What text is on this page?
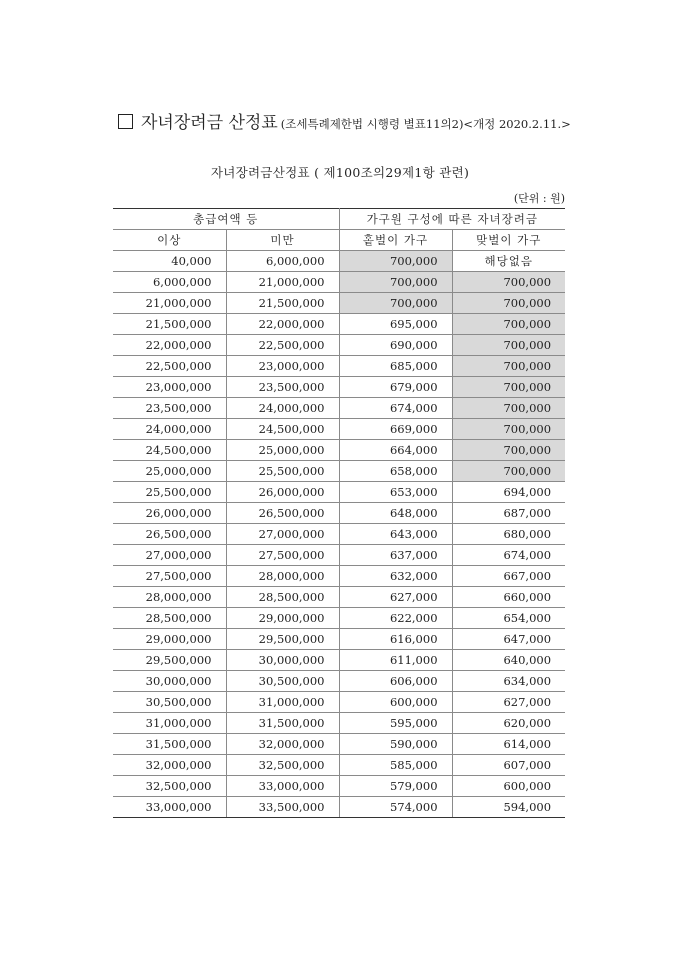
자녀장려금 산정표 (조세특례제한법 시행령 별표11의2)<개정 2020.2.11.>
자녀장려금산정표 ( 제100조의29제1항 관련)
(단위 : 원)
총급여액 등		가구원 구성에 따른 자녀장려금	
이상	미만	홑벌이 가구	맞벌이 가구
40,000	6,000,000	700,000	해당없음
6,000,000	21,000,000	700,000	700,000
21,000,000	21,500,000	700,000	700,000
21,500,000	22,000,000	695,000	700,000
22,000,000	22,500,000	690,000	700,000
22,500,000	23,000,000	685,000	700,000
23,000,000	23,500,000	679,000	700,000
23,500,000	24,000,000	674,000	700,000
24,000,000	24,500,000	669,000	700,000
24,500,000	25,000,000	664,000	700,000
25,000,000	25,500,000	658,000	700,000
25,500,000	26,000,000	653,000	694,000
26,000,000	26,500,000	648,000	687,000
26,500,000	27,000,000	643,000	680,000
27,000,000	27,500,000	637,000	674,000
27,500,000	28,000,000	632,000	667,000
28,000,000	28,500,000	627,000	660,000
28,500,000	29,000,000	622,000	654,000
29,000,000	29,500,000	616,000	647,000
29,500,000	30,000,000	611,000	640,000
30,000,000	30,500,000	606,000	634,000
30,500,000	31,000,000	600,000	627,000
31,000,000	31,500,000	595,000	620,000
31,500,000	32,000,000	590,000	614,000
32,000,000	32,500,000	585,000	607,000
32,500,000	33,000,000	579,000	600,000
33,000,000	33,500,000	574,000	594,000
